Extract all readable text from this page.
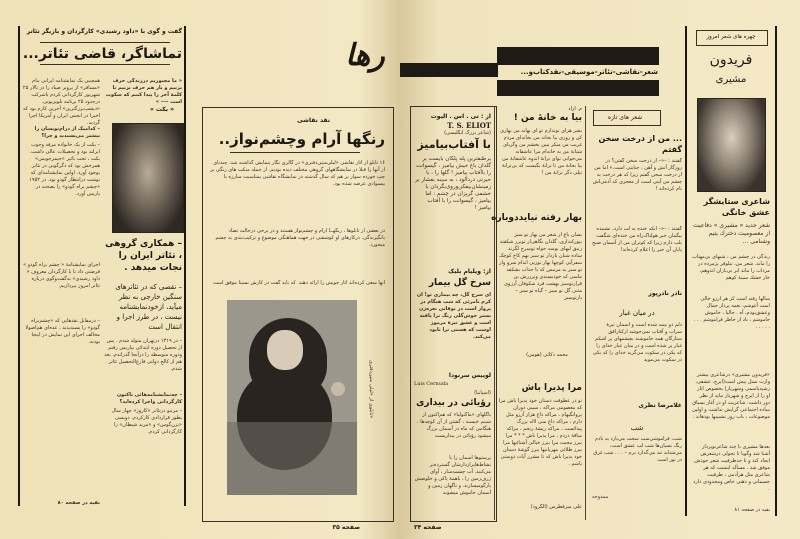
گفت و گوی با «داود رشیدی» کارگردان و بازیگر تئاتر
تماشاگر، قاضی تئاتر...
همچنین یک نمایشنامه ایرانی بنام «مسافر» از پرویز صیاد را در تالار ۲۵ شهریور کارگردانی کردم باشرکت درحدود ۲۵ برنامه تلویزیونی. «دیشپ‌بزرگترین» آخرین کارم بود که اخیرا در انجمن ایران و آمریکا اجرا گردید.
– کدامیک از درام‌نویسان را بیشتر می‌پسندید و چرا؟
– بکت از یک خانواده مرفه وخوب ایرلند بود و تحصیلات عالی داشت. بکت ، تحت تاثیر «جیمزجویس» همرخش بود که دگرگونی در تئاتر بوجود آورد. اولین نمایشنامه‌ای که نوشت درانتظار گودو بود. در ۱۹۵۲ «چشم براه گودو» را بصحنه در پاریس آورد.
اجرای نمایشنامهٔ « چشم براه گودو » فرصتی داد تا با کارگردان معروف « داود رشیدی» به‌گفت‌وگوی درباره تئاتر امروز بپردازیم.
« ما مجبوریم درزندگی حرف بزنیم و بار هم حرف بزنیم تا کلمهٔ آخر را پیدا کنیم که سکوت است ––– »
« بکت »
– همکاری گروهی ، تئاتر ایران را نجات میدهد .
– نقصی که در تئاترهای سنگین خارجی به نظر میآید، ازخودنمایشنامه نیست ، در طرز اجرا و انتقال است
– در ۱۳۱۹ درتهران متولد شدم . پس از تحصیل دوره ابتدائی بپاریس رفتم ودوره متوسطه را درآنجا گذراندم. بعد هم از کالج دولتی فارغ‌التحصیل تئاتر شدم.
– چه‌نمایشنامه‌هائی تاکنون کارگردانی واجرا کرده‌اید؟
– مرتبو درتئاتر «کاروژ» چهار سال بطور قراردادی کارکردم. دوبسی «بزن‌گوس» و «مرید شیطان» را کارگردانی کردم.
– درمقابل نقدهایی که «چشم‌براه گودو» را پسندیدند ، عده‌ای هم‌اصولا مخالف اجرای این نمایش در اینجا بودند.
بقیه در صفحه ۸۰
رها
نقد نقاشی
رنگها آرام وچشم‌نواز..
۱۶ تابلو از آثار نقاشی «لیلی‌متین‌دفتری» در گالری نگار بنمایش گذاشته شد. چندتای از آنها را قبلا در نمایشگاههای گروهی مختلف دیده بودیم. از جمله منکب های رنگی بر چپ خورده سوار بر هم که سال گذشته در نمایشگاه نقاشی بمناسبت مبارزه با بیسوادی عرضه شده بود.
در بعضی از تابلوها ، رنگهــا آرام و چشم‌نواز هستند و در برخی درحالت تضاد بانگیزندگی. درکارهای او کوششی در جهت هماهنگی موضوع و ترکیب‌بندی به چشم میخورد.
آنها سعی کرده‌اند آثار خویش را ارائه دهند. که باید گفت در کارش نسبتا موفق است
تابلوی از «لیلی متین‌دفتری»
صفحه ۳۵
شعر-نقاشی-تئاتر-موسیقی-نقدکتاب‌و...
از : تی . اس . الیوت
T. S. ELIOT
(شاعر بزرگ انگلیسی)
با آفتاب‌بیامیز
برطنفترین پله پلکان بایست بر گلدان باغ خیش بیامیز ، گیسوانت را باآفتاب بیامیز ! گلها را ، با حیرتی دردآلود ، به سینه بفشار بر زمینشان‌بیفکن‌وروی‌بگردان با خشمی گریزان در چشم : اما بیامیز ، گیسوانت را با آفتاب بیامیز !
از: ویلیام بلیک
سرخ گل بیمار
ای سرخ گل، چه بیماری تو! ان کرم نامرئی که شب هنگام در پرواز است در توفانی نعره‌زن بستر خوش‌گلی رنگ ترا یافته است و عشق تیرهٔ مرموز اوست که هستی ترا نابود می‌کند.
لوییس سرنودا
Luis Cernuda
(اسپانیا)
رؤیائی در بیداری
باگلهای «ماگنولیا» که هم‌اکنون از شبنم خیسند ، گشتن از آن کوچه‌ها ، هنگامی که ماه در آسمان بزرگ میشود رؤیائی در بیداریست
پرستوها آسمان را با نشاط‌هایرازدارشان گسترده‌تر می‌کنند. آب چشمه‌سار ، آوای ژرف‌زمین را ، باهمهٔ پاکی و خلوصش بازگو‌میسازند. و ناگهان زمین و آسمان خاموش میشوند
صفحه ۳۴
م. آزاد
بیا به خانهٔ من !
بشر هرای توندارم تو ای بهانه من بهاری کن و روزی بیا بخانه من بخانه‌ای مردم غریب من منکر بیین بخشم من وگریای شبانهٔ من به خانه‌ام مرا عاشقانه می‌خوانی توای ترانهٔ اندوه عاشقانهٔ من بیا بخانهٔ من تا ترانهٔ بگیست که بی‌ترانهٔ تیلی دگر ترانهٔ من !
بهار رفته نیایددوباره
بسان باغ از شعر من بهار تو سبز بپورکندازی، گلدان نگاهی‌ار توبرز شکفته زنبق لبهای بوسه خواه توسرخ لگرند ساده شبان نازدار تو سبز بهم کاخ کوچک سفرآیی کوچها بهار توزبی اندام سرو وار تو سبز به مرمس که با جذاب بشکفد ماسی که خودبسندی وترزرش بن قرارتوسبز بهشت فرد شکوفان آرزوی مثنی گل تو سبز – گیاه تو سبز – بارتوسبز
محمد ذکائی (هومن)
مرا پذیرا باش
تو در عطوفت دستان خود پذیرا باش مرا که معصومی مراکه ، سیبی دوران پروانگیهام ، مراکه داغ هزار آرزو مثل دارم ، مراکه داغ سی لاله بزرگ پیدائست ، مراکه ریشهٔ رنجم ، مراکه ساقهٔ دردم ، مرا پذیرا باش * * * مرا ببرز محبت مرا ببرز خیالی آشنائیها مرا ببرز طلائی مهربانیها ببرز گوشهٔ دستان خود پذیرا باش که تا مشرر آیات دوستی باشم .
علی میرفطرس (الگرود)
شعر های تازه
... من از درخت سخن گفتم
گفتند : –«– از درخت سخن گفتن؟ در روزگار آتش و آهن ، جنایتی است.» اما من از درخت سخن گفتم زیرا که هر درخت به چشم من آیتی است از معجزی که آدمی‌اش نام کرده‌اند !
گفتند : –«– آنکه خنده به لب دارد، نشنیده بیگمان خبر هولناک‌راه من خنده‌ای شگفت بلب دارم زیرا که کوتران من از آسمان صبح پایان آن خبر را اعلام کرده‌اند!
نادر نادرپور
در میان غبار
دلم دو نیمه شده است و آسمان تیرهٔ سراب و آفتاب نمی‌جوشد ازکنارافق ستارگان همه خاموشند بچشمهای پر اشکم غبار پر شده است و در میان غبار خدای را که یکی در سکوت می‌گرید خدای را که یکی در سکوت می‌موید
غلامرضا نظری
شب
شب، فراموشی‌ست سخت می‌بارد به بادم رنگ نسیان‌ها شب لب عشق است، می‌شتابد تند می‌گدازد نرم – . . . شب غرق در نور است
ممدوحه
چهره های شعر امروز
فریدون
مشیری
شاعری ستایشگر عشق خانگی
شعر جدید « مشیری » دفاعیت از معصومیت دخترك یتیم وشنامی ...
زندگی در چشم من ، شبهای بی‌مهتاب را ماند. شعر من، نیلوفر پژمرده در مرداب را ماند ابر بی‌باران اندوهم، خار خشك سینهٔ کوهم
سالها رفته است کز هر آرزو خالی است آغوشم، نغمه پرداز جمال وعشق‌بودم، آه . حالیا ، خاموش خاموشم ، یاد از خاطر فراموشم . . . . . . . .
«فریدون مشیری» درشاعری بیشتر وارث نسل پیش است(ایرج، عشقی، رشیدیاسمی وشهریار) بخصوص اثار او را از ایرج و شهریار نباید از نظر دور داشت. شاعریت او در آغاز بسیاق ساده اجتماعی گرایش نداشت و اولین موضوعات ، باب روز تشبیبها بودهاند .
بعدها مشیری با چند شاعرنوپرداز آشنا شد وگویا تا تحولی درشعرش ایجاد کند و تا حدظرفیت شعر خودش موفق شد . مسأله اینست که هر شاعری مثل هرآدمی ، ظرفیت جسمانی و ذهنی خاص ومحدودی دارد .
بقیه در صفحه ۸۱
